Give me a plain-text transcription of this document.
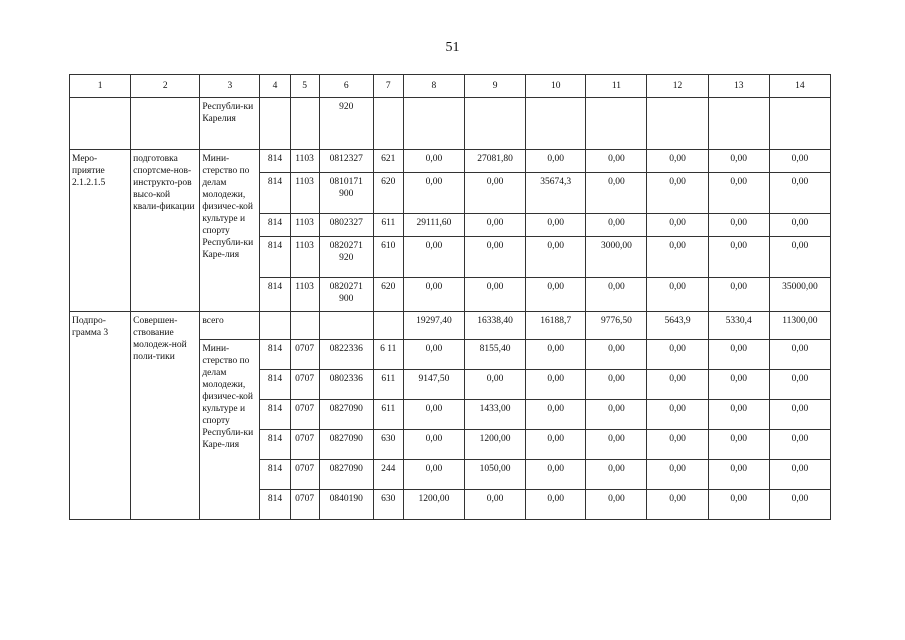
51
1	2	3	4	5	6	7	8	9	10	11	12	13	14
		Республи-ки Карелия			920								
Меро-приятие 2.1.2.1.5	подготовка спортсме-нов-инструкто-ров высо-кой квали-фикации	Мини-стерство по делам молодежи, физичес-кой культуре и спорту Республи-ки Каре-лия	814	1103	0812327	621	0,00	27081,80	0,00	0,00	0,00	0,00	0,00
			814	1103	0810171 900	620	0,00	0,00	35674,3	0,00	0,00	0,00	0,00
			814	1103	0802327	611	29111,60	0,00	0,00	0,00	0,00	0,00	0,00
			814	1103	0820271 920	610	0,00	0,00	0,00	3000,00	0,00	0,00	0,00
			814	1103	0820271 900	620	0,00	0,00	0,00	0,00	0,00	0,00	35000,00
Подпро-грамма 3	Совершен-ствование молодеж-ной поли-тики	всего					19297,40	16338,40	16188,7	9776,50	5643,9	5330,4	11300,00
		Мини-стерство по делам молодежи, физичес-кой культуре и спорту Республи-ки Каре-лия	814	0707	0822336	6 11	0,00	8155,40	0,00	0,00	0,00	0,00	0,00
			814	0707	0802336	611	9147,50	0,00	0,00	0,00	0,00	0,00	0,00
			814	0707	0827090	611	0,00	1433,00	0,00	0,00	0,00	0,00	0,00
			814	0707	0827090	630	0,00	1200,00	0,00	0,00	0,00	0,00	0,00
			814	0707	0827090	244	0,00	1050,00	0,00	0,00	0,00	0,00	0,00
			814	0707	0840190	630	1200,00	0,00	0,00	0,00	0,00	0,00	0,00
